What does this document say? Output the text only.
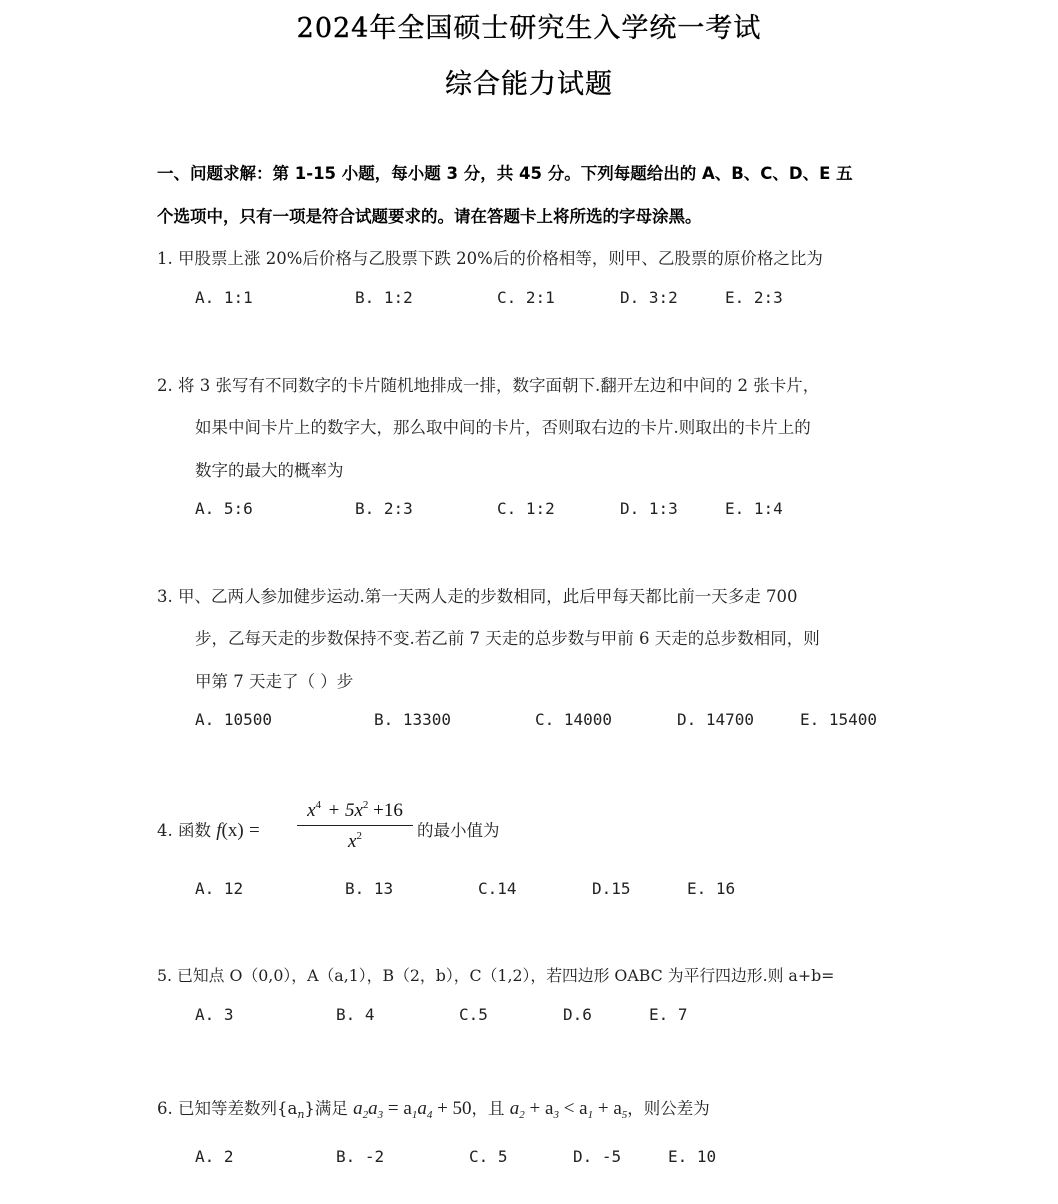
2024年全国硕士研究生入学统一考试
综合能力试题
一、问题求解：第 1-15 小题，每小题 3 分，共 45 分。下列每题给出的 A、B、C、D、E 五
个选项中，只有一项是符合试题要求的。请在答题卡上将所选的字母涂黑。
1. 甲股票上涨 20%后价格与乙股票下跌 20%后的价格相等，则甲、乙股票的原价格之比为
A. 1:1	B. 1:2	C. 2:1	D. 3:2	E. 2:3
2. 将 3 张写有不同数字的卡片随机地排成一排，数字面朝下.翻开左边和中间的 2 张卡片，
如果中间卡片上的数字大，那么取中间的卡片，否则取右边的卡片.则取出的卡片上的
数字的最大的概率为
A. 5:6	B. 2:3	C. 1:2	D. 1:3	E. 1:4
3. 甲、乙两人参加健步运动.第一天两人走的步数相同，此后甲每天都比前一天多走 700
步，乙每天走的步数保持不变.若乙前 7 天走的总步数与甲前 6 天走的总步数相同，则
甲第 7 天走了（ ）步
A. 10500	B. 13300	C. 14000	D. 14700	E. 15400
4. 函数 f(x) =
$x^4$  + $5x^2 +16$
$x^2$	的最小值为
A. 12	B. 13	C.14	D.15	E. 16
5. 已知点 O（0,0），A（a,1），B（2，b），C（1,2），若四边形 OABC 为平行四边形.则 a+b=
A. 3	B. 4	C.5	D.6	E. 7
6. 已知等差数列$\{a_n\}$满足 $a_2a_3 = a_1a_4 + 50$，且 $a_2 + a_3 < a_1 + a_5$，则公差为
A. 2	B. -2	C. 5	D. -5	E. 10
